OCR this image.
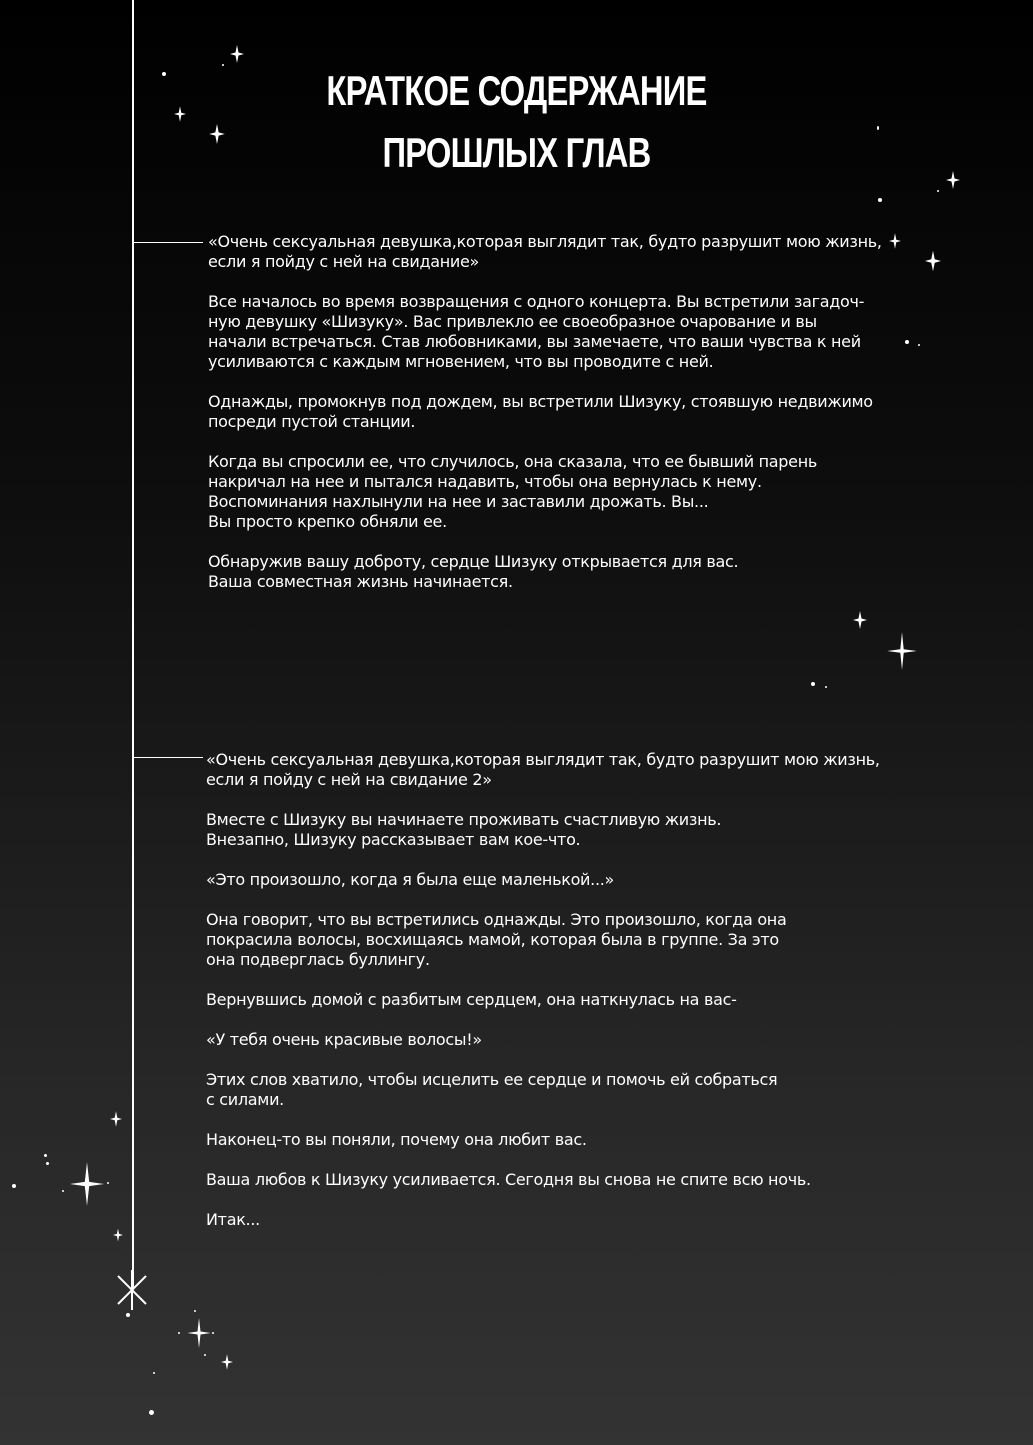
КРАТКОЕ СОДЕРЖАНИЕ
ПРОШЛЫХ ГЛАВ

«Очень сексуальная девушка,которая выглядит так, будто разрушит мою жизнь,
если я пойду с ней на свидание»

Все началось во время возвращения с одного концерта. Вы встретили загадоч-
ную девушку «Шизуку». Вас привлекло ее своеобразное очарование и вы
начали встречаться. Став любовниками, вы замечаете, что ваши чувства к ней
усиливаются с каждым мгновением, что вы проводите с ней.

Однажды, промокнув под дождем, вы встретили Шизуку, стоявшую недвижимо
посреди пустой станции.

Когда вы спросили ее, что случилось, она сказала, что ее бывший парень
накричал на нее и пытался надавить, чтобы она вернулась к нему.
Воспоминания нахлынули на нее и заставили дрожать. Вы...
Вы просто крепко обняли ее.

Обнаружив вашу доброту, сердце Шизуку открывается для вас.
Ваша совместная жизнь начинается.

«Очень сексуальная девушка,которая выглядит так, будто разрушит мою жизнь,
если я пойду с ней на свидание 2»

Вместе с Шизуку вы начинаете проживать счастливую жизнь.
Внезапно, Шизуку рассказывает вам кое-что.

«Это произошло, когда я была еще маленькой...»

Она говорит, что вы встретились однажды. Это произошло, когда она
покрасила волосы, восхищаясь мамой, которая была в группе. За это
она подверглась буллингу.

Вернувшись домой с разбитым сердцем, она наткнулась на вас-

«У тебя очень красивые волосы!»

Этих слов хватило, чтобы исцелить ее сердце и помочь ей собраться
с силами.

Наконец-то вы поняли, почему она любит вас.

Ваша любов к Шизуку усиливается. Сегодня вы снова не спите всю ночь.

Итак...
